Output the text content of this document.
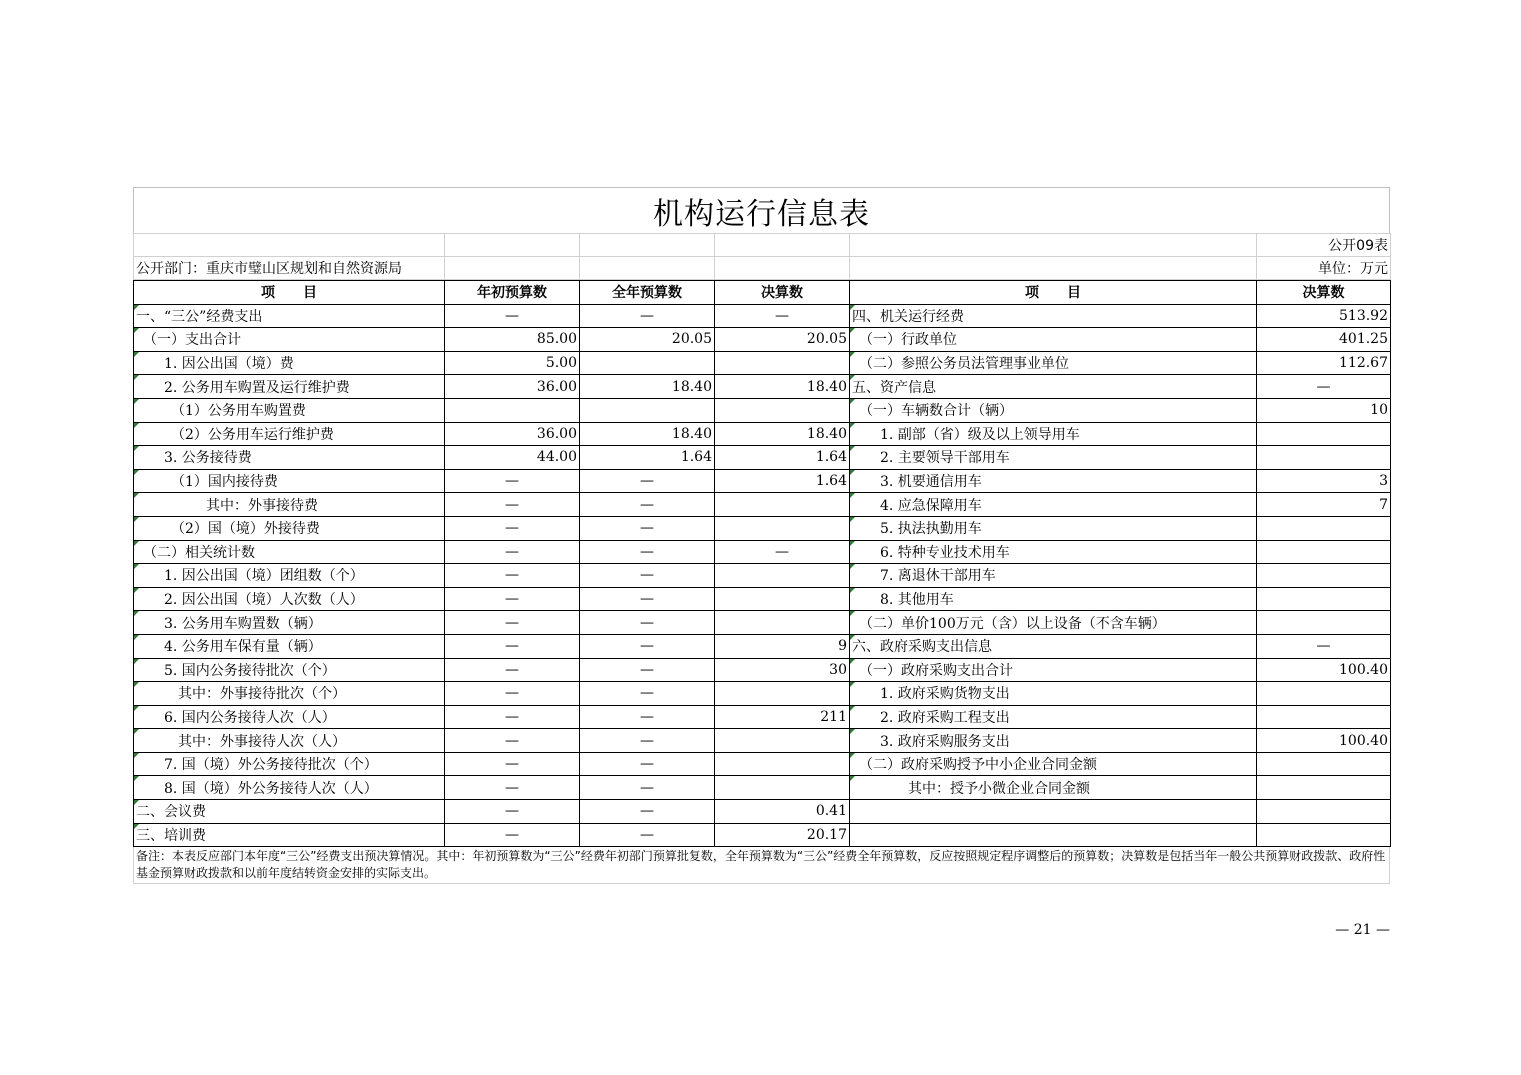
机构运行信息表
					公开09表
公开部门：重庆市璧山区规划和自然资源局					单位：万元
项　　目	年初预算数	全年预算数	决算数	项　　目	决算数
一、“三公”经费支出	—	—	—	四、机关运行经费	513.92
　（一）支出合计	85.00	20.05	20.05	　（一）行政单位	401.25
　　1. 因公出国（境）费	5.00			　（二）参照公务员法管理事业单位	112.67
　　2. 公务用车购置及运行维护费	36.00	18.40	18.40	五、资产信息	—
　　　（1）公务用车购置费				　（一）车辆数合计（辆）	10
　　　（2）公务用车运行维护费	36.00	18.40	18.40	　　1. 副部（省）级及以上领导用车	
　　3. 公务接待费	44.00	1.64	1.64	　　2. 主要领导干部用车	
　　　（1）国内接待费	—	—	1.64	　　3. 机要通信用车	3
　　　　　其中：外事接待费	—	—		　　4. 应急保障用车	7
　　　（2）国（境）外接待费	—	—		　　5. 执法执勤用车	
　（二）相关统计数	—	—	—	　　6. 特种专业技术用车	
　　1. 因公出国（境）团组数（个）	—	—		　　7. 离退休干部用车	
　　2. 因公出国（境）人次数（人）	—	—		　　8. 其他用车	
　　3. 公务用车购置数（辆）	—	—		　（二）单价100万元（含）以上设备（不含车辆）	
　　4. 公务用车保有量（辆）	—	—	9	六、政府采购支出信息	—
　　5. 国内公务接待批次（个）	—	—	30	　（一）政府采购支出合计	100.40
　　　其中：外事接待批次（个）	—	—		　　1. 政府采购货物支出	
　　6. 国内公务接待人次（人）	—	—	211	　　2. 政府采购工程支出	
　　　其中：外事接待人次（人）	—	—		　　3. 政府采购服务支出	100.40
　　7. 国（境）外公务接待批次（个）	—	—		　（二）政府采购授予中小企业合同金额	
　　8. 国（境）外公务接待人次（人）	—	—		　　　　其中：授予小微企业合同金额	
二、会议费	—	—	0.41		
三、培训费	—	—	20.17		
备注：本表反应部门本年度“三公”经费支出预决算情况。其中：年初预算数为“三公”经费年初部门预算批复数，全年预算数为“三公”经费全年预算数，反应按照规定程序调整后的预算数；决算数是包括当年一般公共预算财政拨款、政府性基金预算财政拨款和以前年度结转资金安排的实际支出。
— 21 —
